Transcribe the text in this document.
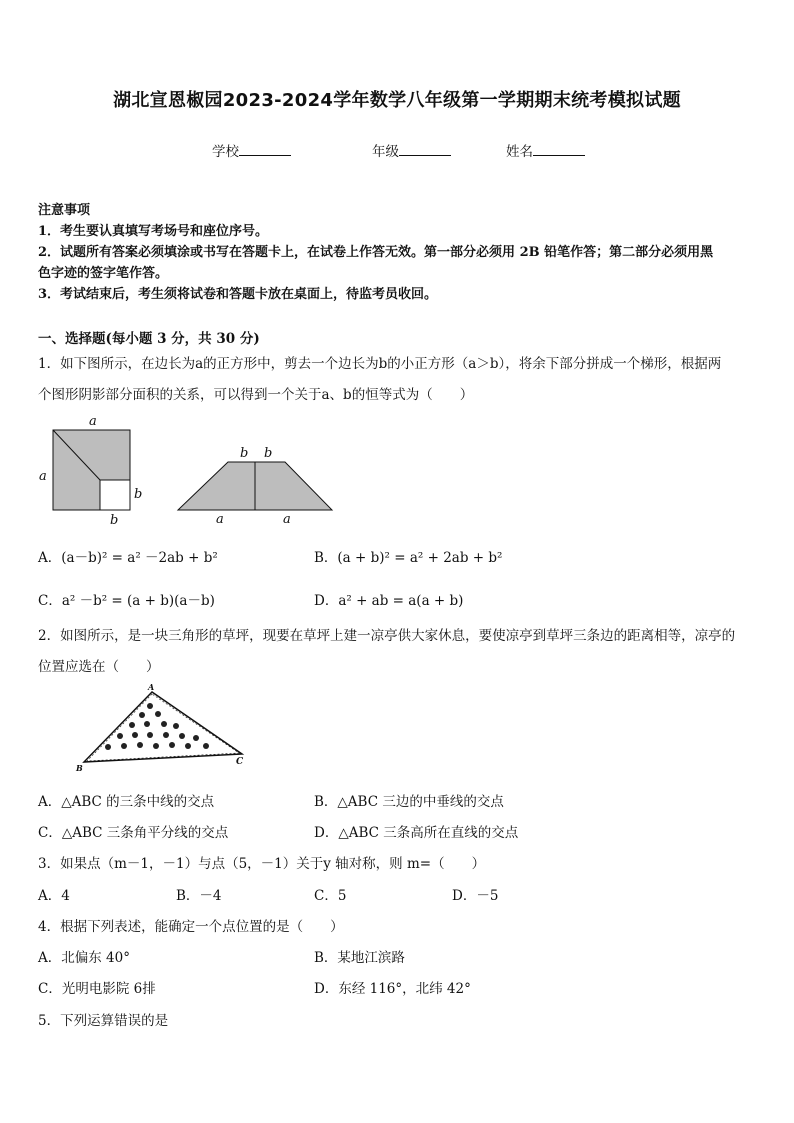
湖北宣恩椒园2023-2024学年数学八年级第一学期期末统考模拟试题
学校	年级	姓名
注意事项
1．考生要认真填写考场号和座位序号。
2．试题所有答案必须填涂或书写在答题卡上，在试卷上作答无效。第一部分必须用 2B 铅笔作答；第二部分必须用黑
色字迹的签字笔作答。
3．考试结束后，考生须将试卷和答题卡放在桌面上，待监考员收回。
一、选择题(每小题 3 分，共 30 分)
1．如下图所示，在边长为a的正方形中，剪去一个边长为b的小正方形（a＞b），将余下部分拼成一个梯形，根据两
个图形阴影部分面积的关系，可以得到一个关于a、b的恒等式为（　　）
a
a
b
b
b b
a	a
A．(a－b)² = a² －2ab + b²	B．(a + b)² = a² + 2ab + b²
C．a² －b² = (a + b)(a－b)	D．a² + ab = a(a + b)
2．如图所示，是一块三角形的草坪，现要在草坪上建一凉亭供大家休息，要使凉亭到草坪三条边的距离相等，凉亭的
位置应选在（　　）
A
B
C
A．△ABC 的三条中线的交点	B．△ABC 三边的中垂线的交点
C．△ABC 三条角平分线的交点	D．△ABC 三条高所在直线的交点
3．如果点（m－1，－1）与点（5，－1）关于y 轴对称，则 m=（　　）
A．4	B．－4	C．5	D．－5
4．根据下列表述，能确定一个点位置的是（　　）
A．北偏东 40°	B．某地江滨路
C．光明电影院 6排	D．东经 116°，北纬 42°
5．下列运算错误的是
